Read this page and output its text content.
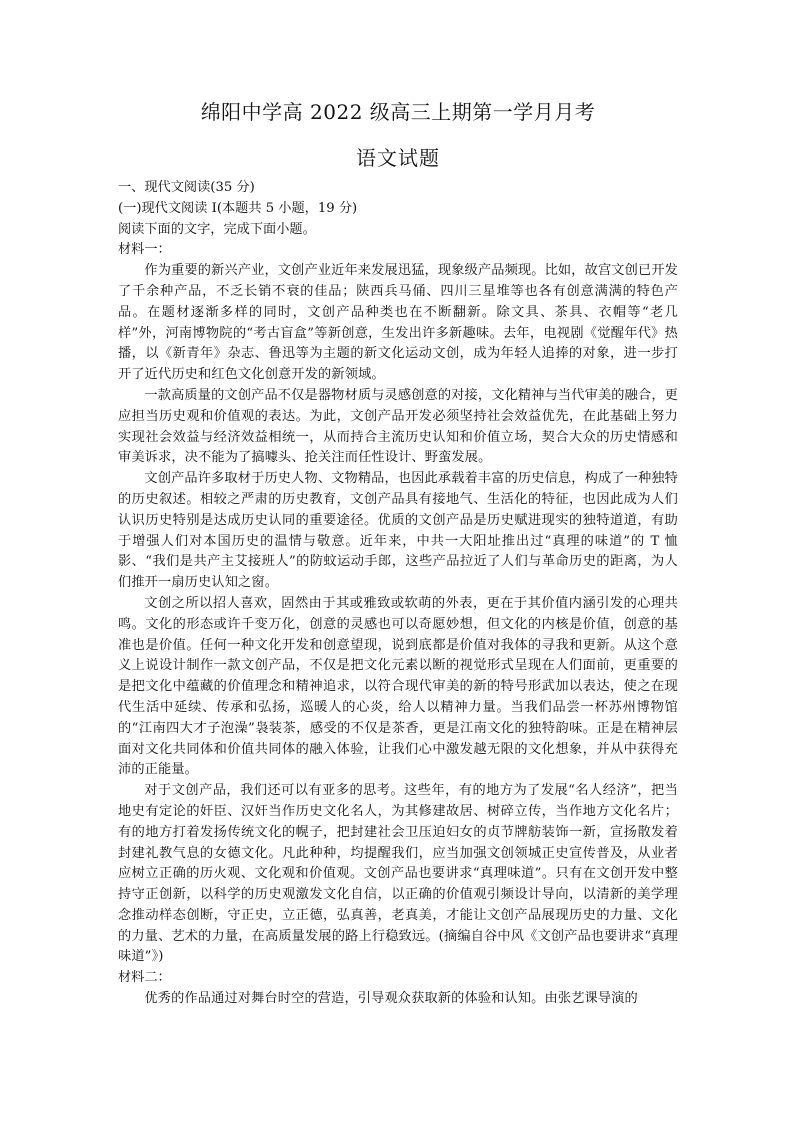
绵阳中学高 2022 级高三上期第一学月月考
语文试题

一、现代文阅读(35 分)

(一)现代文阅读 I(本题共 5 小题，19 分)

阅读下面的文字，完成下面小题。

材料一：

作为重要的新兴产业，文创产业近年来发展迅猛，现象级产品频现。比如，故宫文创已开发了千余种产品，不乏长销不衰的佳品；陕西兵马俑、四川三星堆等也各有创意满满的特色产品。在题材逐渐多样的同时，文创产品种类也在不断翻新。除文具、茶具、衣帽等“老几样”外，河南博物院的“考古盲盒”等新创意，生发出许多新趣味。去年，电视剧《觉醒年代》热播，以《新青年》杂志、鲁迅等为主题的新文化运动文创，成为年轻人追捧的对象，进一步打开了近代历史和红色文化创意开发的新领域。

一款高质量的文创产品不仅是器物材质与灵感创意的对接，文化精神与当代审美的融合，更应担当历史观和价值观的表达。为此，文创产品开发必须坚持社会效益优先，在此基础上努力实现社会效益与经济效益相统一，从而持合主流历史认知和价值立场，契合大众的历史情感和审美诉求，决不能为了搞噱头、抢关注而任性设计、野蛮发展。

文创产品许多取材于历史人物、文物精品，也因此承载着丰富的历史信息，构成了一种独特的历史叙述。相较之严肃的历史教育，文创产品具有接地气、生活化的特征，也因此成为人们认识历史特别是达成历史认同的重要途径。优质的文创产品是历史赋进现实的独特道道，有助于增强人们对本国历史的温情与敬意。近年来，中共一大阳址推出过“真理的味道”的 T 恤影、“我们是共产主艾接班人”的防蚊运动手郎，这些产品拉近了人们与革命历史的距离，为人们推开一扇历史认知之窗。

文创之所以招人喜欢，固然由于其或雅致或软萌的外表，更在于其价值内涵引发的心理共鸣。文化的形态或许千变万化，创意的灵感也可以奇愿妙想，但文化的内核是价值，创意的基准也是价值。任何一种文化开发和创意望现，说到底都是价值对我体的寻我和更新。从这个意义上说设计制作一款文创产品，不仅是把文化元素以断的视觉形式呈现在人们面前，更重要的是把文化中蕴藏的价值理念和精神追求，以符合现代审美的新的特号形武加以表达，使之在现代生活中延续、传承和弘扬，巡暖人的心炎，给人以精神力量。当我们品尝一杯苏州博物馆的“江南四大才子泡澡”袅装茶，感受的不仅是茶香，更是江南文化的独特韵味。正是在精神层面对文化共同体和价值共同体的融入体验，让我们心中激发越无限的文化想象，并从中获得充沛的正能量。

对于文创产品，我们还可以有亚多的思考。这些年，有的地方为了发展“名人经济”，把当地史有定论的奸臣、汉奸当作历史文化名人，为其修建故居、树碎立传，当作地方文化名片；有的地方打着发扬传统文化的幌子，把封建社会卫压迫妇女的贞节牌舫装饰一新，宣扬散发着封建礼教气息的女德文化。凡此种种，均提醒我们，应当加强文创领城正史宣传普及，从业者应树立正确的历火观、文化观和价值观。文创产品也要讲求“真理味道”。只有在文创开发中整持守正创新，以科学的历史观激发文化自信，以正确的价值观引频设计导向，以清新的美学理念推动样态创断，守正史，立正德，弘真善，老真美，才能让文创产品展现历史的力量、文化的力量、艺术的力量，在高质量发展的路上行稳致远。(摘编自谷中风《文创产品也要讲求“真理味道”》)

材料二：

优秀的作品通过对舞台时空的营造，引导观众获取新的体验和认知。由张艺课导演的
